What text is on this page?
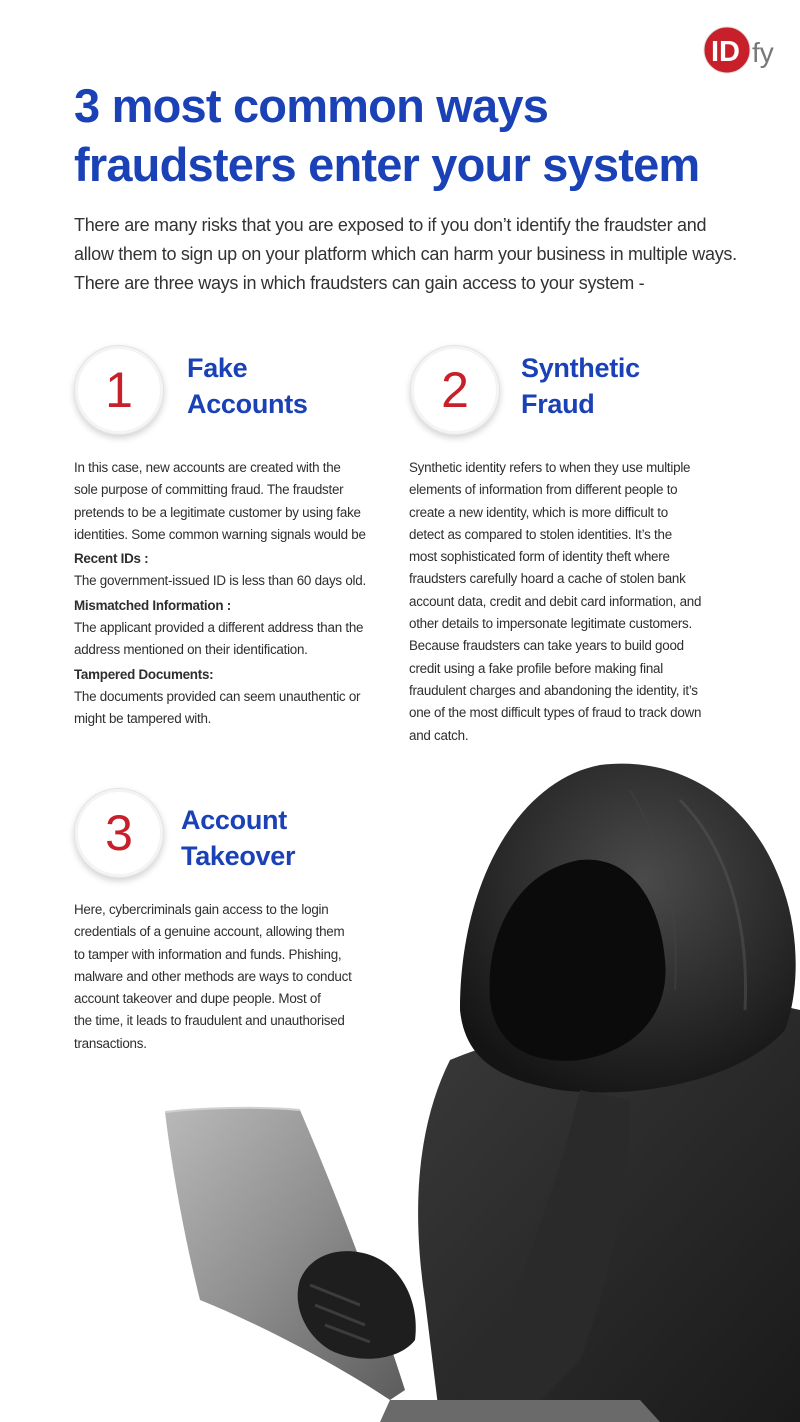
ID fy
3 most common ways
fraudsters enter your system
There are many risks that you are exposed to if you don’t identify the fraudster and
allow them to sign up on your platform which can harm your business in multiple ways.
There are three ways in which fraudsters can gain access to your system -
1	Fake
Accounts
In this case, new accounts are created with the
sole purpose of committing fraud. The fraudster
pretends to be a legitimate customer by using fake
identities. Some common warning signals would be
Recent IDs :
The government-issued ID is less than 60 days old.
Mismatched Information :
The applicant provided a different address than the
address mentioned on their identification.
Tampered Documents:
The documents provided can seem unauthentic or
might be tampered with.
2	Synthetic
Fraud
Synthetic identity refers to when they use multiple
elements of information from different people to
create a new identity, which is more difficult to
detect as compared to stolen identities. It’s the
most sophisticated form of identity theft where
fraudsters carefully hoard a cache of stolen bank
account data, credit and debit card information, and
other details to impersonate legitimate customers.
Because fraudsters can take years to build good
credit using a fake profile before making final
fraudulent charges and abandoning the identity, it’s
one of the most difficult types of fraud to track down
and catch.
3	Account
Takeover
Here, cybercriminals gain access to the login
credentials of a genuine account, allowing them
to tamper with information and funds. Phishing,
malware and other methods are ways to conduct
account takeover and dupe people. Most of
the time, it leads to fraudulent and unauthorised
transactions.
